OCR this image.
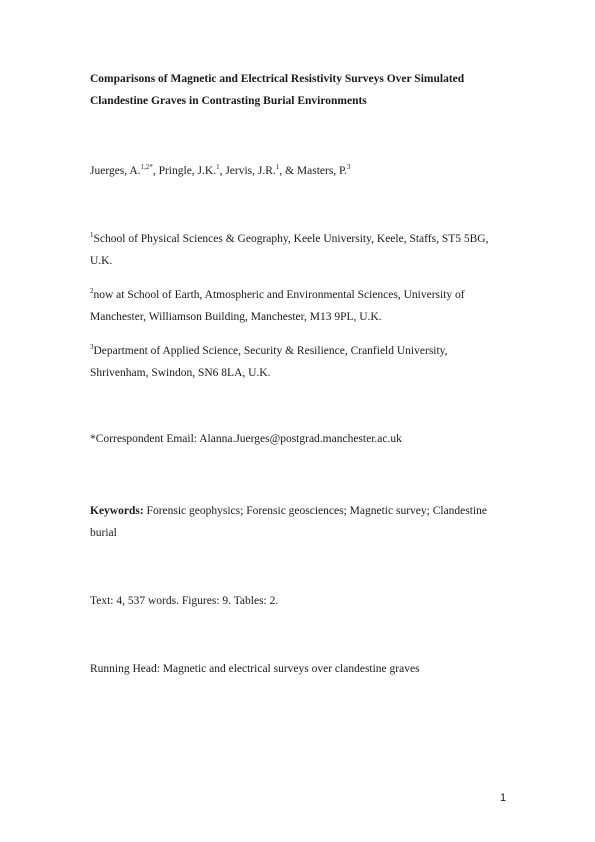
Comparisons of Magnetic and Electrical Resistivity Surveys Over Simulated
Clandestine Graves in Contrasting Burial Environments
Juerges, A.$^{1,2*}$, Pringle, J.K.$^1$, Jervis, J.R.$^1$, & Masters, P.$^3$
$^1$School of Physical Sciences & Geography, Keele University, Keele, Staffs, ST5 5BG,
U.K.
$^2$now at School of Earth, Atmospheric and Environmental Sciences, University of
Manchester, Williamson Building, Manchester, M13 9PL, U.K.
$^3$Department of Applied Science, Security & Resilience, Cranfield University,
Shrivenham, Swindon, SN6 8LA, U.K.
*Correspondent Email: Alanna.Juerges@postgrad.manchester.ac.uk
Keywords: Forensic geophysics; Forensic geosciences; Magnetic survey; Clandestine
burial
Text: 4, 537 words. Figures: 9. Tables: 2.
Running Head: Magnetic and electrical surveys over clandestine graves
1
